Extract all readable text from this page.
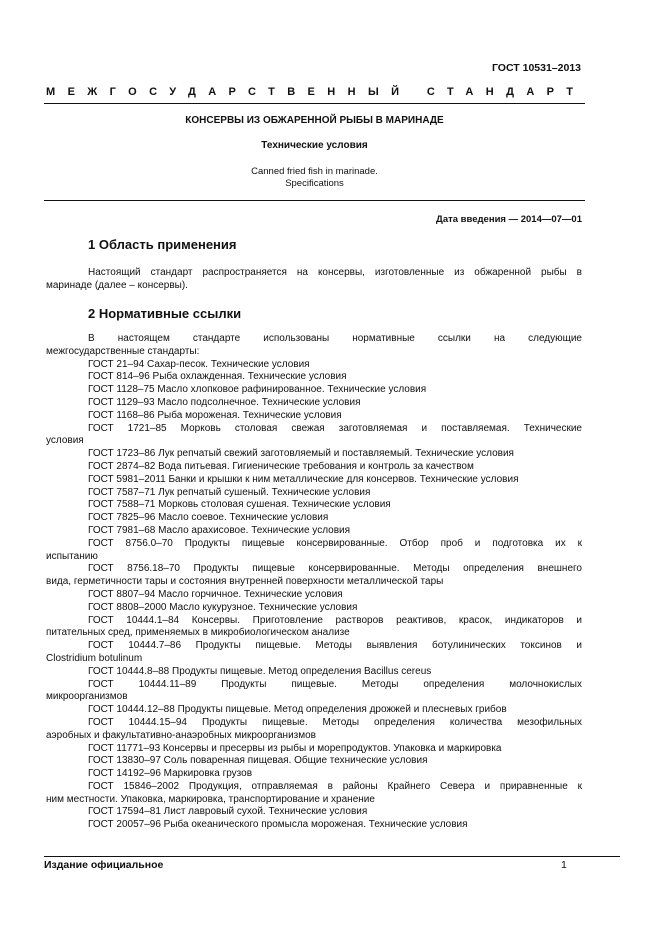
ГОСТ 10531–2013
МЕЖГОСУДАРСТВЕННЫЙ СТАНДАРТ
КОНСЕРВЫ ИЗ ОБЖАРЕННОЙ РЫБЫ В МАРИНАДЕ
Технические условия
Canned fried fish in marinade.
Specifications
Дата введения — 2014—07—01
1 Область применения
Настоящий стандарт распространяется на консервы, изготовленные из обжаренной рыбы в
маринаде (далее – консервы).
2 Нормативные ссылки
В настоящем стандарте использованы нормативные ссылки на следующие
межгосударственные стандарты:
ГОСТ 21–94 Сахар-песок. Технические условия
ГОСТ 814–96 Рыба охлажденная. Технические условия
ГОСТ 1128–75 Масло хлопковое рафинированное. Технические условия
ГОСТ 1129–93 Масло подсолнечное. Технические условия
ГОСТ 1168–86 Рыба мороженая. Технические условия
ГОСТ 1721–85 Морковь столовая свежая заготовляемая и поставляемая. Технические
условия
ГОСТ 1723–86 Лук репчатый свежий заготовляемый и поставляемый. Технические условия
ГОСТ 2874–82 Вода питьевая. Гигиенические требования и контроль за качеством
ГОСТ 5981–2011 Банки и крышки к ним металлические для консервов. Технические условия
ГОСТ 7587–71 Лук репчатый сушеный. Технические условия
ГОСТ 7588–71 Морковь столовая сушеная. Технические условия
ГОСТ 7825–96 Масло соевое. Технические условия
ГОСТ 7981–68 Масло арахисовое. Технические условия
ГОСТ 8756.0–70 Продукты пищевые консервированные. Отбор проб и подготовка их к
испытанию
ГОСТ 8756.18–70 Продукты пищевые консервированные. Методы определения внешнего
вида, герметичности тары и состояния внутренней поверхности металлической тары
ГОСТ 8807–94 Масло горчичное. Технические условия
ГОСТ 8808–2000 Масло кукурузное. Технические условия
ГОСТ 10444.1–84 Консервы. Приготовление растворов реактивов, красок, индикаторов и
питательных сред, применяемых в микробиологическом анализе
ГОСТ 10444.7–86 Продукты пищевые. Методы выявления ботулинических токсинов и
Clostridium botulinum
ГОСТ 10444.8–88 Продукты пищевые. Метод определения Bacillus cereus
ГОСТ 10444.11–89 Продукты пищевые. Методы определения молочнокислых
микроорганизмов
ГОСТ 10444.12–88 Продукты пищевые. Метод определения дрожжей и плесневых грибов
ГОСТ 10444.15–94 Продукты пищевые. Методы определения количества мезофильных
аэробных и факультативно-анаэробных микроорганизмов
ГОСТ 11771–93 Консервы и пресервы из рыбы и морепродуктов. Упаковка и маркировка
ГОСТ 13830–97 Соль поваренная пищевая. Общие технические условия
ГОСТ 14192–96 Маркировка грузов
ГОСТ 15846–2002 Продукция, отправляемая в районы Крайнего Севера и приравненные к
ним местности. Упаковка, маркировка, транспортирование и хранение
ГОСТ 17594–81 Лист лавровый сухой. Технические условия
ГОСТ 20057–96 Рыба океанического промысла мороженая. Технические условия
Издание официальное	1
